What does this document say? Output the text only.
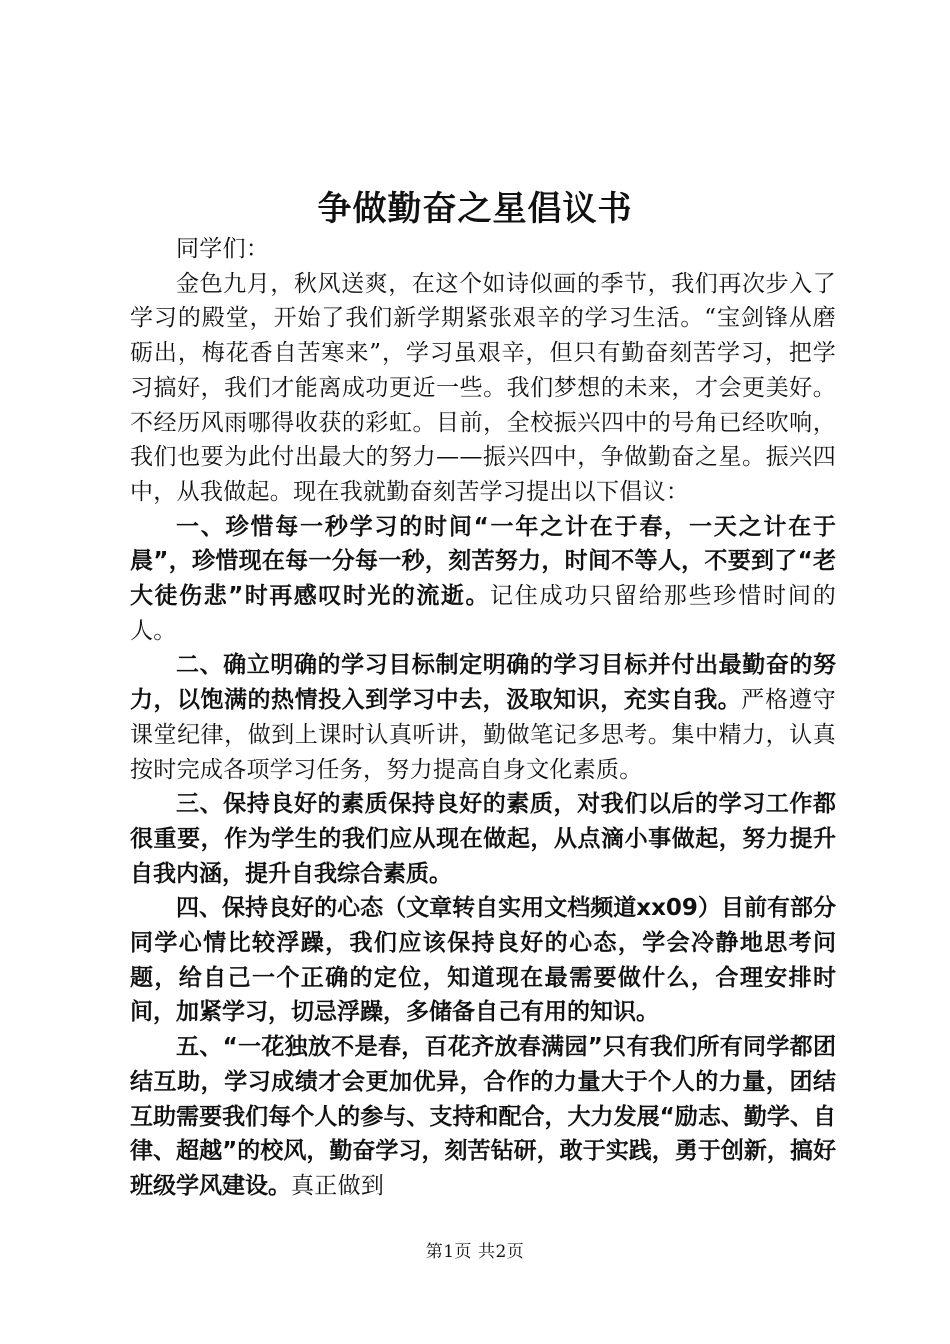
争做勤奋之星倡议书

同学们：

金色九月，秋风送爽，在这个如诗似画的季节，我们再次步入了学习的殿堂，开始了我们新学期紧张艰辛的学习生活。“宝剑锋从磨砺出，梅花香自苦寒来”，学习虽艰辛，但只有勤奋刻苦学习，把学习搞好，我们才能离成功更近一些。我们梦想的未来，才会更美好。不经历风雨哪得收获的彩虹。目前，全校振兴四中的号角已经吹响，我们也要为此付出最大的努力——振兴四中，争做勤奋之星。振兴四中，从我做起。现在我就勤奋刻苦学习提出以下倡议：

一、珍惜每一秒学习的时间“一年之计在于春，一天之计在于晨”，珍惜现在每一分每一秒，刻苦努力，时间不等人，不要到了“老大徒伤悲”时再感叹时光的流逝。记住成功只留给那些珍惜时间的人。

二、确立明确的学习目标制定明确的学习目标并付出最勤奋的努力，以饱满的热情投入到学习中去，汲取知识，充实自我。严格遵守课堂纪律，做到上课时认真听讲，勤做笔记多思考。集中精力，认真按时完成各项学习任务，努力提高自身文化素质。

三、保持良好的素质保持良好的素质，对我们以后的学习工作都很重要，作为学生的我们应从现在做起，从点滴小事做起，努力提升自我内涵，提升自我综合素质。

四、保持良好的心态（文章转自实用文档频道xx09）目前有部分同学心情比较浮躁，我们应该保持良好的心态，学会冷静地思考问题，给自己一个正确的定位，知道现在最需要做什么，合理安排时间，加紧学习，切忌浮躁，多储备自己有用的知识。

五、“一花独放不是春，百花齐放春满园”只有我们所有同学都团结互助，学习成绩才会更加优异，合作的力量大于个人的力量，团结互助需要我们每个人的参与、支持和配合，大力发展“励志、勤学、自律、超越”的校风，勤奋学习，刻苦钻研，敢于实践，勇于创新，搞好班级学风建设。真正做到

第1页 共2页
